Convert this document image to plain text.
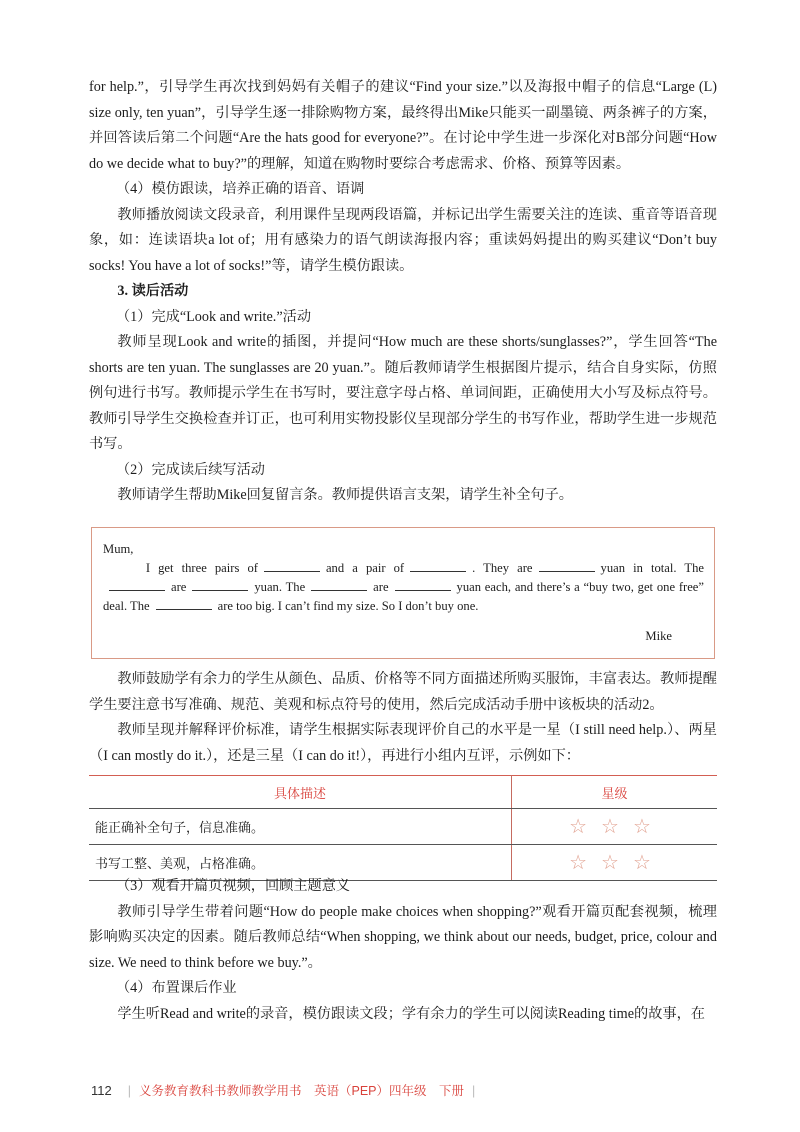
for help.”，引导学生再次找到妈妈有关帽子的建议“Find your size.”以及海报中帽子的信息“Large (L) size only, ten yuan”，引导学生逐一排除购物方案，最终得出Mike只能买一副墨镜、两条裤子的方案，并回答读后第二个问题“Are the hats good for everyone?”。在讨论中学生进一步深化对B部分问题“How do we decide what to buy?”的理解，知道在购物时要综合考虑需求、价格、预算等因素。

（4）模仿跟读，培养正确的语音、语调

教师播放阅读文段录音，利用课件呈现两段语篇，并标记出学生需要关注的连读、重音等语音现象，如：连读语块a lot of；用有感染力的语气朗读海报内容；重读妈妈提出的购买建议“Don’t buy socks! You have a lot of socks!”等，请学生模仿跟读。

3. 读后活动

（1）完成“Look and write.”活动

教师呈现Look and write的插图，并提问“How much are these shorts/sunglasses?”，学生回答“The shorts are ten yuan. The sunglasses are 20 yuan.”。随后教师请学生根据图片提示，结合自身实际，仿照例句进行书写。教师提示学生在书写时，要注意字母占格、单词间距，正确使用大小写及标点符号。教师引导学生交换检查并订正，也可利用实物投影仪呈现部分学生的书写作业，帮助学生进一步规范书写。

（2）完成读后续写活动

教师请学生帮助Mike回复留言条。教师提供语言支架，请学生补全句子。

Mum,

I get three pairs of	and a pair of	. They are	yuan in total. The are	yuan. The	are	yuan each, and there’s a “buy two, get one free” deal. The	are too big. I can’t find my size. So I don’t buy one.

Mike

教师鼓励学有余力的学生从颜色、品质、价格等不同方面描述所购买服饰，丰富表达。教师提醒学生要注意书写准确、规范、美观和标点符号的使用，然后完成活动手册中该板块的活动2。

教师呈现并解释评价标准，请学生根据实际表现评价自己的水平是一星（I still need help.）、两星（I can mostly do it.），还是三星（I can do it!），再进行小组内互评，示例如下：

具体描述	星级
能正确补全句子，信息准确。	☆☆☆
书写工整、美观，占格准确。	☆☆☆

（3）观看开篇页视频，回顾主题意义

教师引导学生带着问题“How do people make choices when shopping?”观看开篇页配套视频，梳理影响购买决定的因素。随后教师总结“When shopping, we think about our needs, budget, price, colour and size. We need to think before we buy.”。

（4）布置课后作业

学生听Read and write的录音，模仿跟读文段；学有余力的学生可以阅读Reading time的故事，在

112 | 义务教育教科书教师教学用书　英语（PEP）四年级　下册 |
